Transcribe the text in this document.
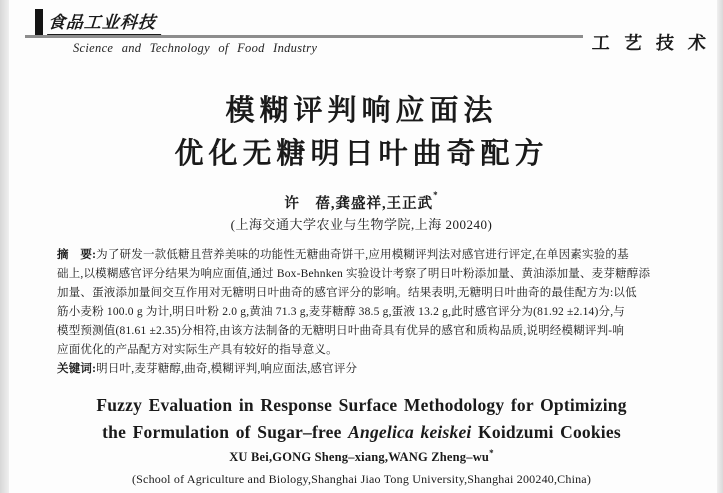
食品工业科技
Science and Technology of Food Industry	工艺技术
模糊评判响应面法
优化无糖明日叶曲奇配方
许　蓓,龚盛祥,王正武*
(上海交通大学农业与生物学院,上海 200240)
摘　要:为了研发一款低糖且营养美味的功能性无糖曲奇饼干,应用模糊评判法对感官进行评定,在单因素实验的基
础上,以模糊感官评分结果为响应面值,通过 Box-Behnken 实验设计考察了明日叶粉添加量、黄油添加量、麦芽糖醇添
加量、蛋液添加量间交互作用对无糖明日叶曲奇的感官评分的影响。结果表明,无糖明日叶曲奇的最佳配方为:以低
筋小麦粉 100.0 g 为计,明日叶粉 2.0 g,黄油 71.3 g,麦芽糖醇 38.5 g,蛋液 13.2 g,此时感官评分为(81.92 ±2.14)分,与
模型预测值(81.61 ±2.35)分相符,由该方法制备的无糖明日叶曲奇具有优异的感官和质构品质,说明经模糊评判-响
应面优化的产品配方对实际生产具有较好的指导意义。
关键词:明日叶,麦芽糖醇,曲奇,模糊评判,响应面法,感官评分
Fuzzy Evaluation in Response Surface Methodology for Optimizing
the Formulation of Sugar–free Angelica keiskei Koidzumi Cookies
XU Bei,GONG Sheng–xiang,WANG Zheng–wu*
(School of Agriculture and Biology,Shanghai Jiao Tong University,Shanghai 200240,China)
